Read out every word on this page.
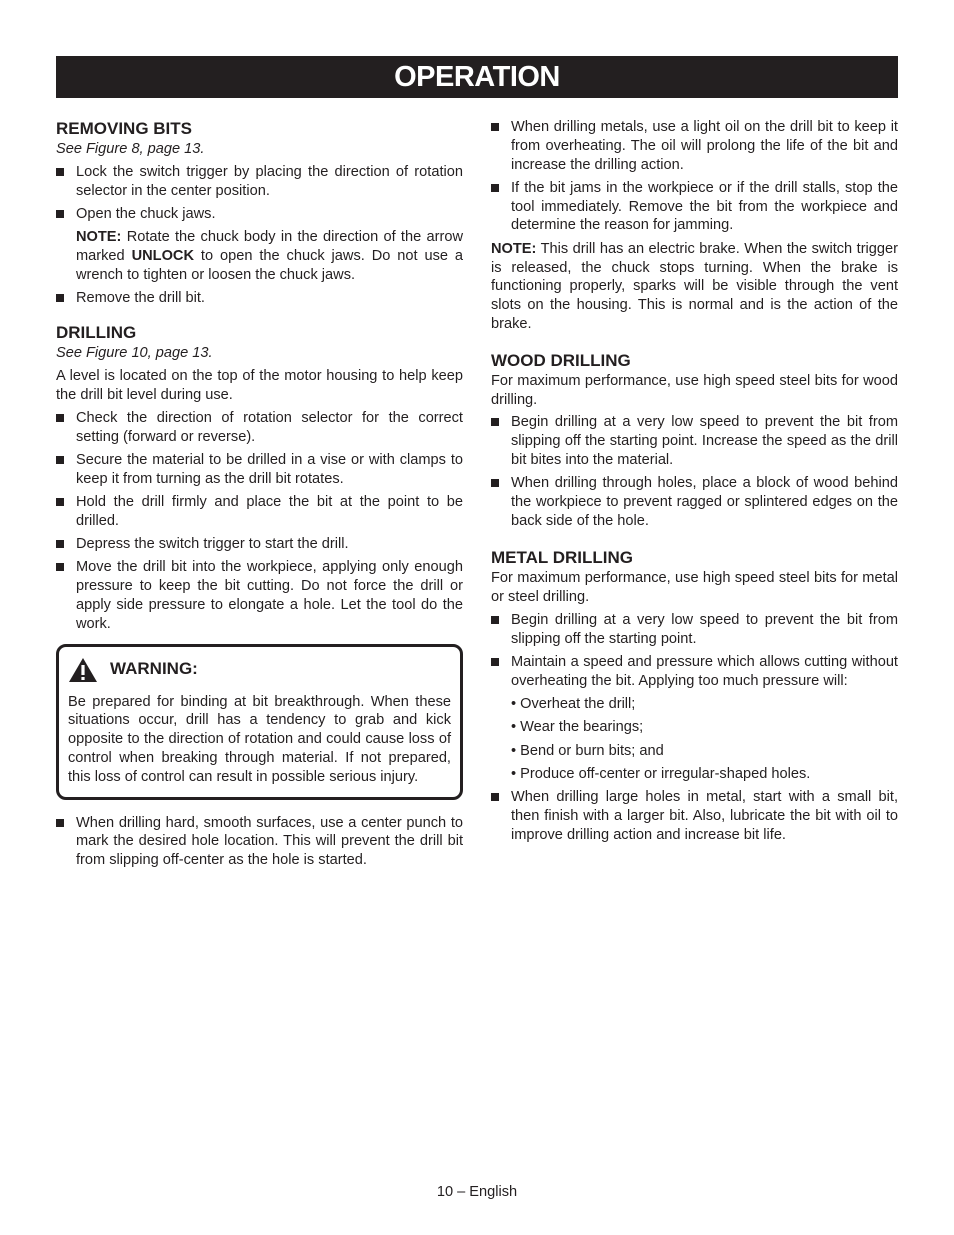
OPERATION
REMOVING BITS
See Figure 8, page 13.
Lock the switch trigger by placing the direction of rotation selector in the center position.
Open the chuck jaws.
NOTE: Rotate the chuck body in the direction of the arrow marked UNLOCK to open the chuck jaws. Do not use a wrench to tighten or loosen the chuck jaws.
Remove the drill bit.
DRILLING
See Figure 10, page 13.

A level is located on the top of the motor housing to help keep the drill bit level during use.

Check the direction of rotation selector for the correct setting (forward or reverse).
Secure the material to be drilled in a vise or with clamps to keep it from turning as the drill bit rotates.
Hold the drill firmly and place the bit at the point to be drilled.
Depress the switch trigger to start the drill.
Move the drill bit into the workpiece, applying only enough pressure to keep the bit cutting. Do not force the drill or apply side pressure to elongate a hole. Let the tool do the work.
WARNING:

Be prepared for binding at bit breakthrough. When these situations occur, drill has a tendency to grab and kick opposite to the direction of rotation and could cause loss of control when breaking through material. If not prepared, this loss of control can result in possible serious injury.

When drilling hard, smooth surfaces, use a center punch to mark the desired hole location. This will prevent the drill bit from slipping off-center as the hole is started.
When drilling metals, use a light oil on the drill bit to keep it from overheating. The oil will prolong the life of the bit and increase the drilling action.
If the bit jams in the workpiece or if the drill stalls, stop the tool immediately. Remove the bit from the workpiece and determine the reason for jamming.

NOTE: This drill has an electric brake. When the switch trigger is released, the chuck stops turning. When the brake is functioning properly, sparks will be visible through the vent slots on the housing. This is normal and is the action of the brake.

WOOD DRILLING

For maximum performance, use high speed steel bits for wood drilling.

Begin drilling at a very low speed to prevent the bit from slipping off the starting point. Increase the speed as the drill bit bites into the material.
When drilling through holes, place a block of wood behind the workpiece to prevent ragged or splintered edges on the back side of the hole.
METAL DRILLING

For maximum performance, use high speed steel bits for metal or steel drilling.

Begin drilling at a very low speed to prevent the bit from slipping off the starting point.
Maintain a speed and pressure which allows cutting without overheating the bit. Applying too much pressure will:
• Overheat the drill;
• Wear the bearings;
• Bend or burn bits; and
• Produce off-center or irregular-shaped holes.
When drilling large holes in metal, start with a small bit, then finish with a larger bit. Also, lubricate the bit with oil to improve drilling action and increase bit life.
10 – English
